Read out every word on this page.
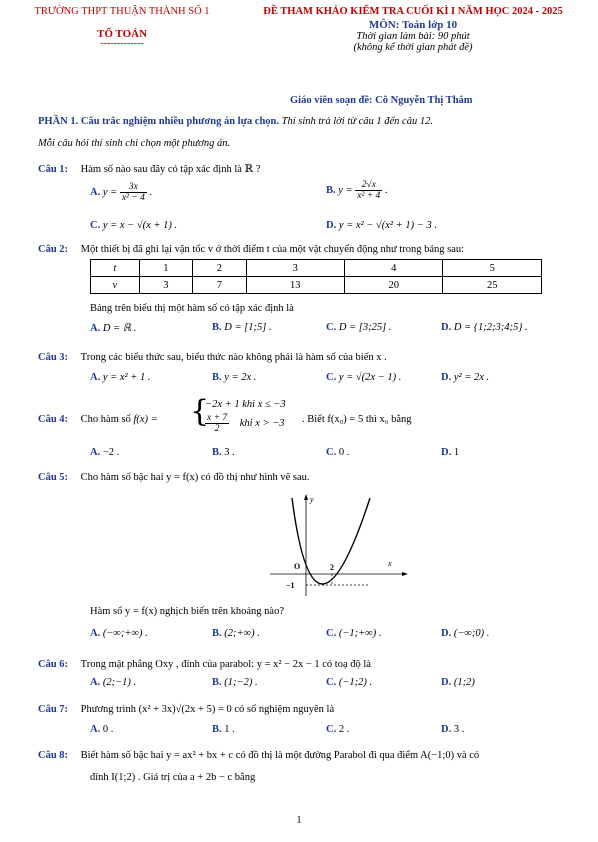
TRƯỜNG THPT THUẬN THÀNH SỐ 1
TỔ TOÁN
-------------
ĐỀ THAM KHẢO KIỂM TRA CUỐI KÌ I NĂM HỌC 2024 - 2025
MÔN: Toán lớp 10
Thời gian làm bài: 90 phút
(không kể thời gian phát đề)
Giáo viên soạn đề: Cô Nguyễn Thị Thắm
PHẦN 1. Câu trắc nghiệm nhiều phương án lựa chọn. Thí sinh trả lời từ câu 1 đến câu 12.
Mỗi câu hỏi thí sinh chỉ chọn một phương án.
Câu 1: Hàm số nào sau đây có tập xác định là ℝ ?
A. $y = \frac{3x}{\text{x² − 4}}$ .	B. $y = \frac{2√x}{\text{x² + 4}}$ .
C. y = x − √(x + 1) .	D. y = x² − √(x² + 1) − 3 .
Câu 2: Một thiết bị đã ghi lại vận tốc v ở thời điểm t của một vật chuyển động như trong bảng sau:
t	1	2	3	4	5
v	3	7	13	20	25
Bảng trên biểu thị một hàm số có tập xác định là
A. D = ℝ .	B. D = [1;5] .	C. D = [3;25] .	D. D = {1;2;3;4;5} .
Câu 3: Trong các biểu thức sau, biểu thức nào không phải là hàm số của biến x .
A. y = x² + 1 .	B. y = 2x .	C. y = √(2x − 1) .	D. y² = 2x .
Câu 4: Cho hàm số f(x) = {
−2x + 1 khi x ≤ −3
$\frac{x + 7}{2}$ khi x > −3 . Biết f(x₀) = 5 thì x₀ bằng
A. −2 .	B. 3 .	C. 0 .	D. 1
Câu 5: Cho hàm số bậc hai y = f(x) có đồ thị như hình vẽ sau.
y
x
O	2
−1
Hàm số y = f(x) nghịch biến trên khoảng nào?
A. (−∞;+∞) .	B. (2;+∞) .	C. (−1;+∞) .	D. (−∞;0) .
Câu 6: Trong mặt phẳng Oxy , đỉnh của parabol: y = x² − 2x − 1 có toạ độ là
A. (2;−1) .	B. (1;−2) .	C. (−1;2) .	D. (1;2)
Câu 7: Phương trình (x² + 3x)√(2x + 5) = 0 có số nghiệm nguyên là
A. 0 .	B. 1 .	C. 2 .	D. 3 .
Câu 8: Biết hàm số bậc hai y = ax² + bx + c có đồ thị là một đường Parabol đi qua điểm A(−1;0) và có
đỉnh I(1;2) . Giá trị của a + 2b − c bằng
1
